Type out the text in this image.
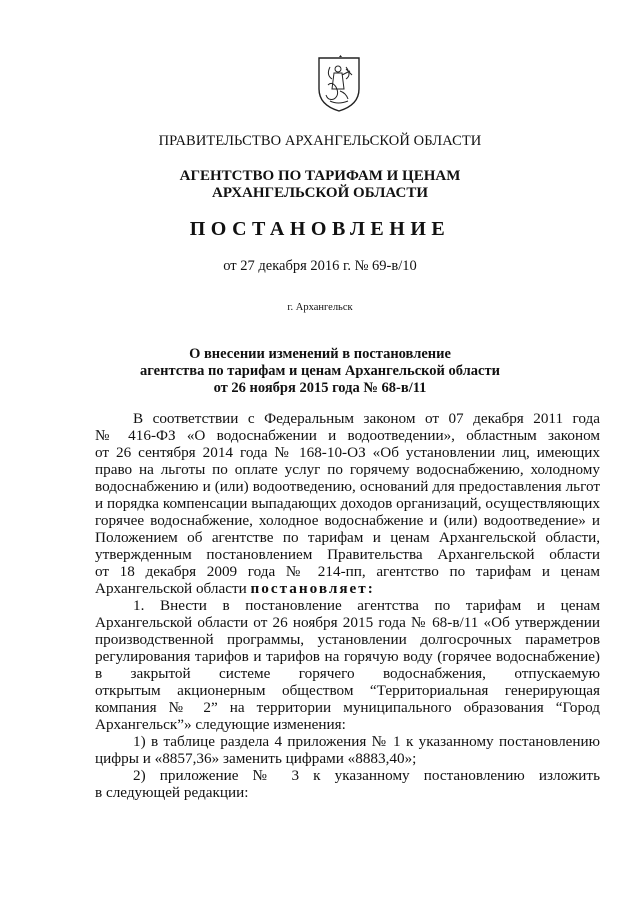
ПРАВИТЕЛЬСТВО АРХАНГЕЛЬСКОЙ ОБЛАСТИ
АГЕНТСТВО ПО ТАРИФАМ И ЦЕНАМ
АРХАНГЕЛЬСКОЙ ОБЛАСТИ
ПОСТАНОВЛЕНИЕ
от 27 декабря 2016 г. № 69-в/10
г. Архангельск
О внесении изменений в постановление
агентства по тарифам и ценам Архангельской области
от 26 ноября 2015 года № 68-в/11
В соответствии с Федеральным законом от 07 декабря 2011 года
№ 416-ФЗ «О водоснабжении и водоотведении», областным законом
от 26 сентября 2014 года № 168-10-ОЗ «Об установлении лиц, имеющих
право на льготы по оплате услуг по горячему водоснабжению, холодному
водоснабжению и (или) водоотведению, оснований для предоставления льгот
и порядка компенсации выпадающих доходов организаций, осуществляющих
горячее водоснабжение, холодное водоснабжение и (или) водоотведение» и
Положением об агентстве по тарифам и ценам Архангельской области,
утвержденным постановлением Правительства Архангельской области
от 18 декабря 2009 года № 214-пп, агентство по тарифам и ценам
Архангельской области постановляет:
1. Внести в постановление агентства по тарифам и ценам
Архангельской области от 26 ноября 2015 года № 68-в/11 «Об утверждении
производственной программы, установлении долгосрочных параметров
регулирования тарифов и тарифов на горячую воду (горячее водоснабжение)
в закрытой системе горячего водоснабжения, отпускаемую
открытым акционерным обществом “Территориальная генерирующая
компания № 2” на территории муниципального образования “Город
Архангельск”» следующие изменения:
1) в таблице раздела 4 приложения № 1 к указанному постановлению
цифры и «8857,36» заменить цифрами «8883,40»;
2) приложение № 3 к указанному постановлению изложить
в следующей редакции:
